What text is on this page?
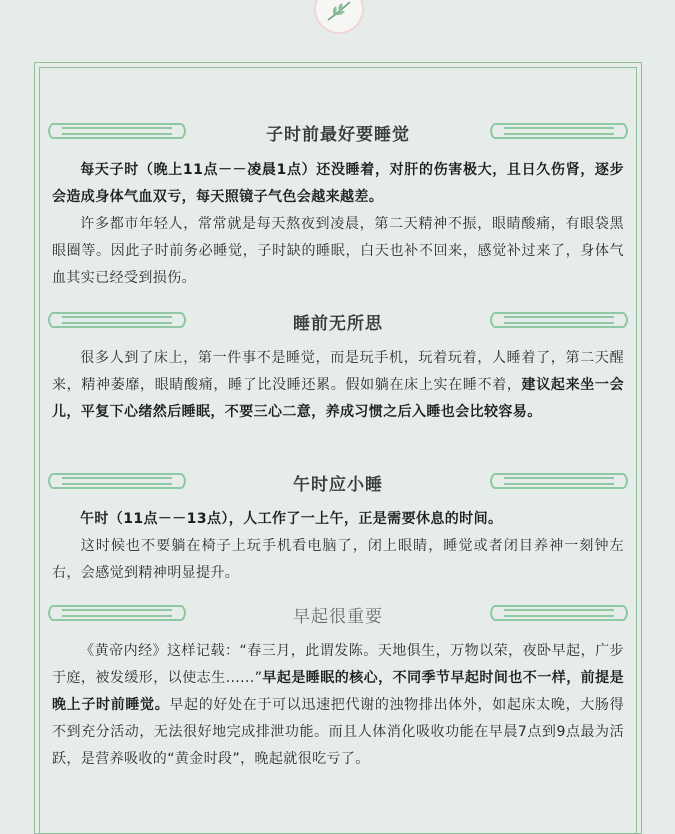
子时前最好要睡觉

每天子时（晚上11点－－凌晨1点）还没睡着，对肝的伤害极大，且日久伤肾，逐步会造成身体气血双亏，每天照镜子气色会越来越差。

许多都市年轻人，常常就是每天熬夜到凌晨，第二天精神不振，眼睛酸痛，有眼袋黑眼圈等。因此子时前务必睡觉，子时缺的睡眠，白天也补不回来，感觉补过来了，身体气血其实已经受到损伤。

睡前无所思

很多人到了床上，第一件事不是睡觉，而是玩手机，玩着玩着，人睡着了，第二天醒来，精神萎靡，眼睛酸痛，睡了比没睡还累。假如躺在床上实在睡不着，建议起来坐一会儿，平复下心绪然后睡眠，不要三心二意，养成习惯之后入睡也会比较容易。

午时应小睡

午时（11点－－13点），人工作了一上午，正是需要休息的时间。

这时候也不要躺在椅子上玩手机看电脑了，闭上眼睛，睡觉或者闭目养神一刻钟左右，会感觉到精神明显提升。

早起很重要

《黄帝内经》这样记载：“春三月，此谓发陈。天地俱生，万物以荣，夜卧早起，广步于庭，被发缓形，以使志生......”早起是睡眠的核心，不同季节早起时间也不一样，前提是晚上子时前睡觉。早起的好处在于可以迅速把代谢的浊物排出体外，如起床太晚，大肠得不到充分活动，无法很好地完成排泄功能。而且人体消化吸收功能在早晨7点到9点最为活跃，是营养吸收的“黄金时段”，晚起就很吃亏了。
